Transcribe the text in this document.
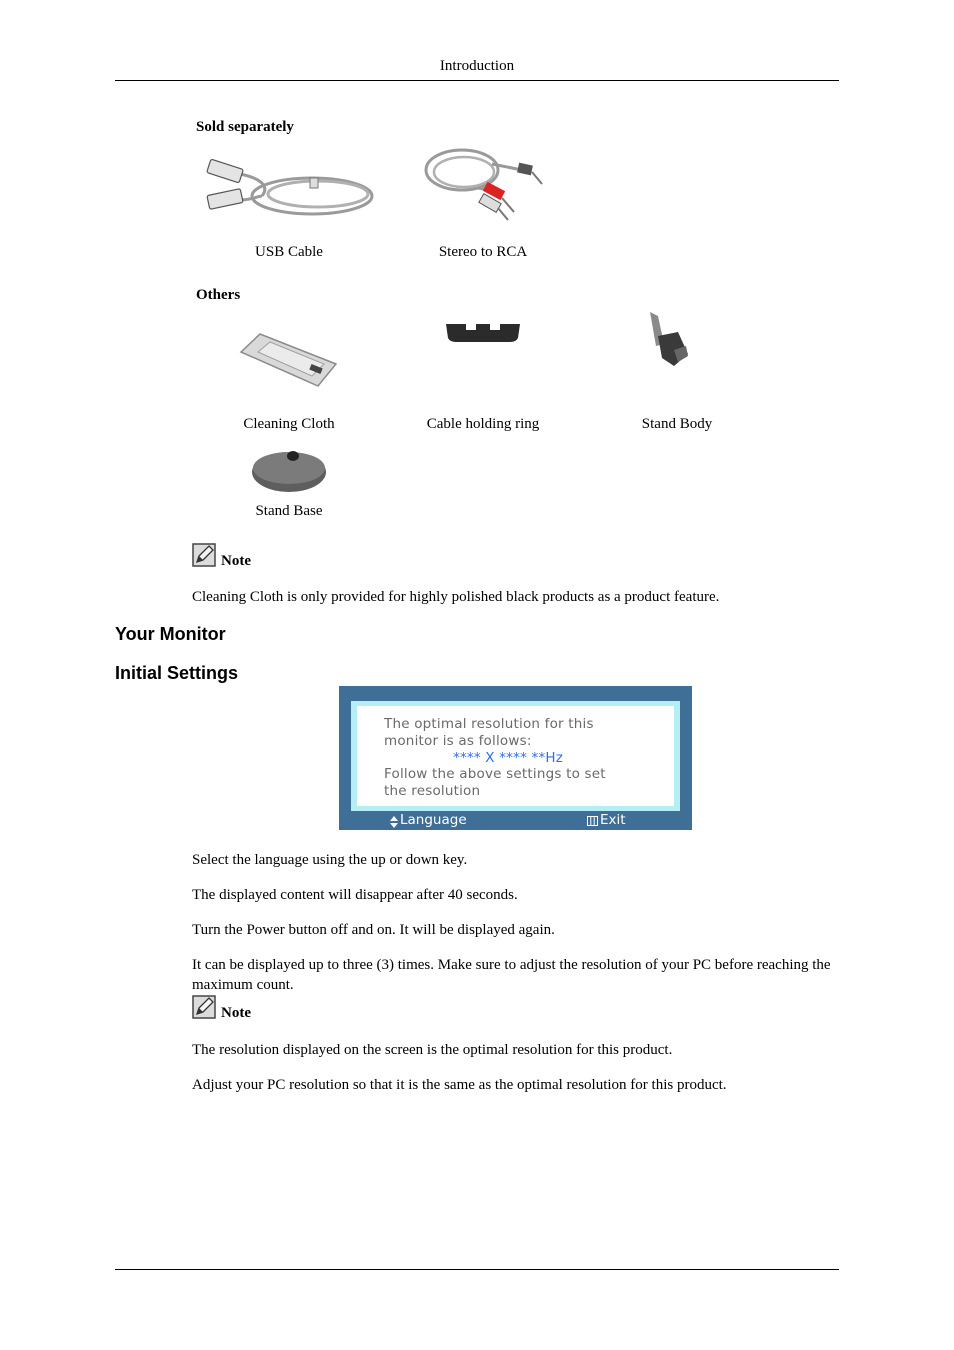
Introduction
Sold separately
USB Cable	Stereo to RCA
Others
Cleaning Cloth	Cable holding ring	Stand Body
Stand Base
Note
Cleaning Cloth is only provided for highly polished black products as a product feature.
Your Monitor
Initial Settings
The optimal resolution for this
monitor is as follows:
**** X **** **Hz
Follow the above settings to set
the resolution
Language	Exit
Select the language using the up or down key.
The displayed content will disappear after 40 seconds.
Turn the Power button off and on. It will be displayed again.
It can be displayed up to three (3) times. Make sure to adjust the resolution of your PC before reaching the maximum count.
Note
The resolution displayed on the screen is the optimal resolution for this product.
Adjust your PC resolution so that it is the same as the optimal resolution for this product.
